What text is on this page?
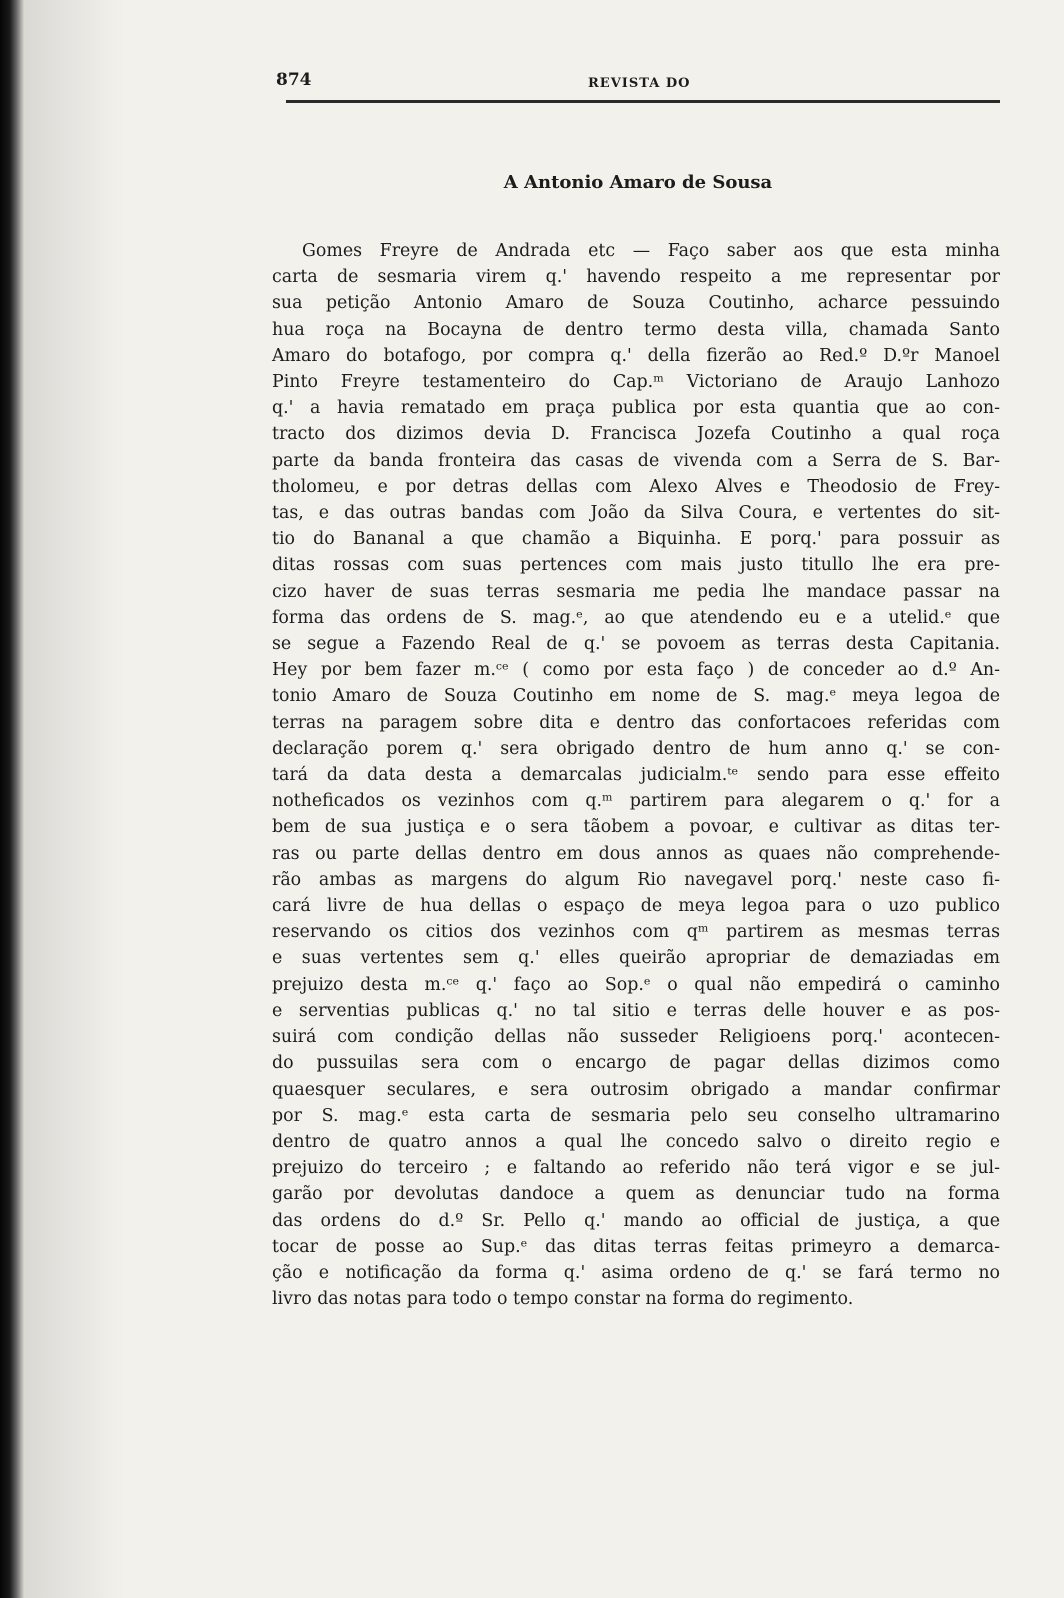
874	REVISTA DO
A Antonio Amaro de Sousa
Gomes Freyre de Andrada etc — Faço saber aos que esta minha
carta de sesmaria virem q.' havendo respeito a me representar por
sua petição Antonio Amaro de Souza Coutinho, acharce pessuindo
hua roça na Bocayna de dentro termo desta villa, chamada Santo
Amaro do botafogo, por compra q.' della fizerão ao Red.º D.ºr Manoel
Pinto Freyre testamenteiro do Cap.ᵐ Victoriano de Araujo Lanhozo
q.' a havia rematado em praça publica por esta quantia que ao con-
tracto dos dizimos devia D. Francisca Jozefa Coutinho a qual roça
parte da banda fronteira das casas de vivenda com a Serra de S. Bar-
tholomeu, e por detras dellas com Alexo Alves e Theodosio de Frey-
tas, e das outras bandas com João da Silva Coura, e vertentes do sit-
tio do Bananal a que chamão a Biquinha. E porq.' para possuir as
ditas rossas com suas pertences com mais justo titullo lhe era pre-
cizo haver de suas terras sesmaria me pedia lhe mandace passar na
forma das ordens de S. mag.ᵉ, ao que atendendo eu e a utelid.ᵉ que
se segue a Fazendo Real de q.' se povoem as terras desta Capitania.
Hey por bem fazer m.ᶜᵉ ( como por esta faço ) de conceder ao d.º An-
tonio Amaro de Souza Coutinho em nome de S. mag.ᵉ meya legoa de
terras na paragem sobre dita e dentro das confortacoes referidas com
declaração porem q.' sera obrigado dentro de hum anno q.' se con-
tará da data desta a demarcalas judicialm.ᵗᵉ sendo para esse effeito
notheficados os vezinhos com q.ᵐ partirem para alegarem o q.' for a
bem de sua justiça e o sera tãobem a povoar, e cultivar as ditas ter-
ras ou parte dellas dentro em dous annos as quaes não comprehende-
rão ambas as margens do algum Rio navegavel porq.' neste caso fi-
cará livre de hua dellas o espaço de meya legoa para o uzo publico
reservando os citios dos vezinhos com qᵐ partirem as mesmas terras
e suas vertentes sem q.' elles queirão apropriar de demaziadas em
prejuizo desta m.ᶜᵉ q.' faço ao Sop.ᵉ o qual não empedirá o caminho
e serventias publicas q.' no tal sitio e terras delle houver e as pos-
suirá com condição dellas não susseder Religioens porq.' acontecen-
do pussuilas sera com o encargo de pagar dellas dizimos como
quaesquer seculares, e sera outrosim obrigado a mandar confirmar
por S. mag.ᵉ esta carta de sesmaria pelo seu conselho ultramarino
dentro de quatro annos a qual lhe concedo salvo o direito regio e
prejuizo do terceiro ; e faltando ao referido não terá vigor e se jul-
garão por devolutas dandoce a quem as denunciar tudo na forma
das ordens do d.º Sr. Pello q.' mando ao official de justiça, a que
tocar de posse ao Sup.ᵉ das ditas terras feitas primeyro a demarca-
ção e notificação da forma q.' asima ordeno de q.' se fará termo no
livro das notas para todo o tempo constar na forma do regimento.
